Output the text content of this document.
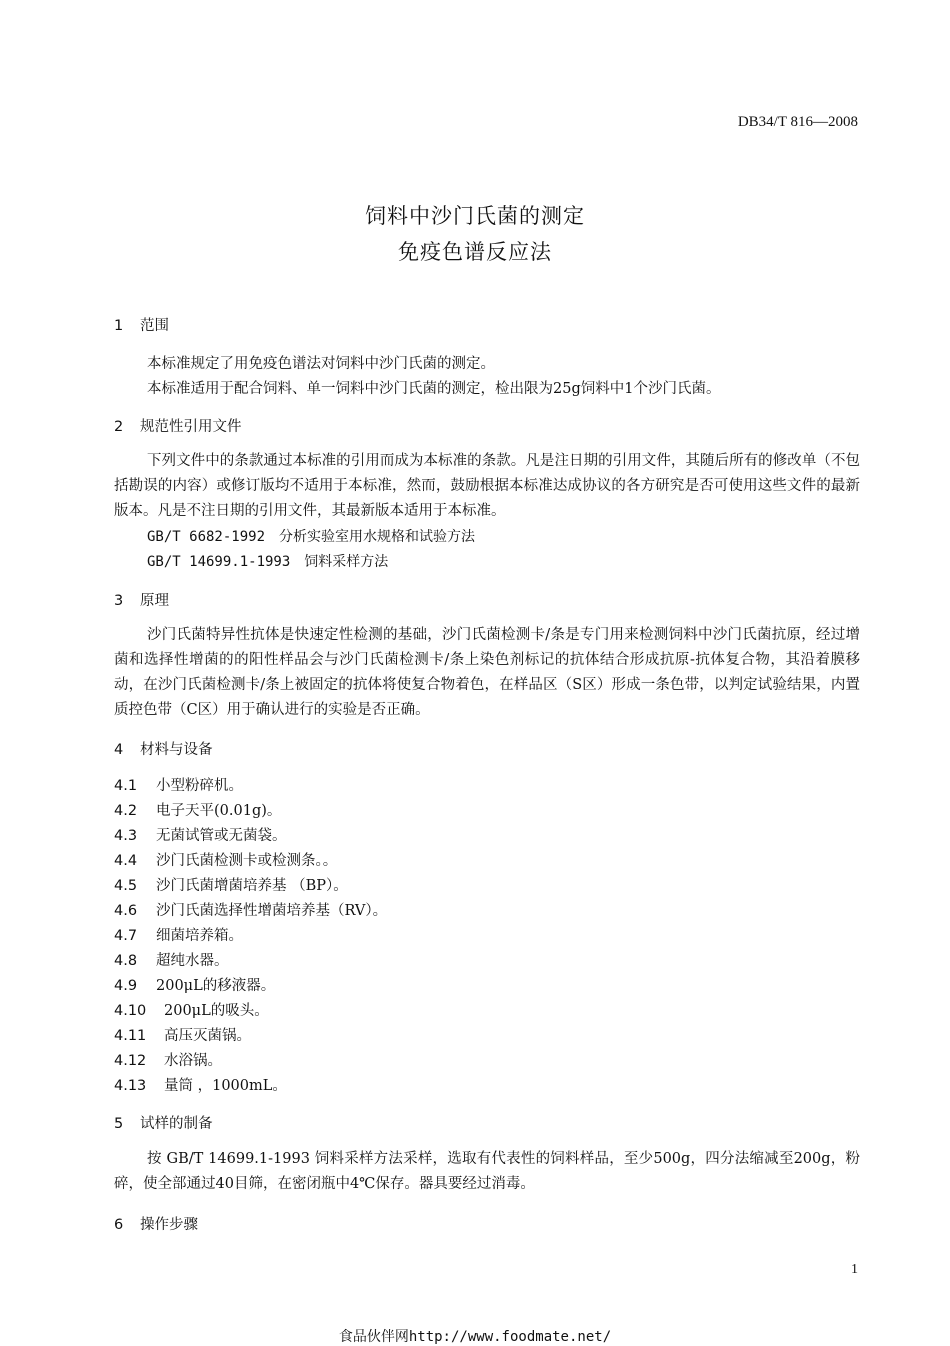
DB34/T 816—2008
饲料中沙门氏菌的测定
免疫色谱反应法
1 范围
本标准规定了用免疫色谱法对饲料中沙门氏菌的测定。
本标准适用于配合饲料、单一饲料中沙门氏菌的测定，检出限为25g饲料中1个沙门氏菌。
2 规范性引用文件
下列文件中的条款通过本标准的引用而成为本标准的条款。凡是注日期的引用文件，其随后所有的修改单（不包括勘误的内容）或修订版均不适用于本标准，然而，鼓励根据本标准达成协议的各方研究是否可使用这些文件的最新版本。凡是不注日期的引用文件，其最新版本适用于本标准。
GB/T 6682-1992 分析实验室用水规格和试验方法
GB/T 14699.1-1993 饲料采样方法
3 原理
沙门氏菌特异性抗体是快速定性检测的基础，沙门氏菌检测卡/条是专门用来检测饲料中沙门氏菌抗原，经过增菌和选择性增菌的的阳性样品会与沙门氏菌检测卡/条上染色剂标记的抗体结合形成抗原-抗体复合物，其沿着膜移动，在沙门氏菌检测卡/条上被固定的抗体将使复合物着色，在样品区（S区）形成一条色带，以判定试验结果，内置质控色带（C区）用于确认进行的实验是否正确。
4 材料与设备
4.1 小型粉碎机。
4.2 电子天平(0.01g)。
4.3 无菌试管或无菌袋。
4.4 沙门氏菌检测卡或检测条。。
4.5 沙门氏菌增菌培养基 （BP）。
4.6 沙门氏菌选择性增菌培养基（RV）。
4.7 细菌培养箱。
4.8 超纯水器。
4.9 200μL的移液器。
4.10 200μL的吸头。
4.11 高压灭菌锅。
4.12 水浴锅。
4.13 量筒 ，1000mL。
5 试样的制备
按 GB/T 14699.1-1993 饲料采样方法采样，选取有代表性的饲料样品，至少500g，四分法缩减至200g，粉碎，使全部通过40目筛，在密闭瓶中4℃保存。器具要经过消毒。
6 操作步骤
1
食品伙伴网http://www.foodmate.net/
